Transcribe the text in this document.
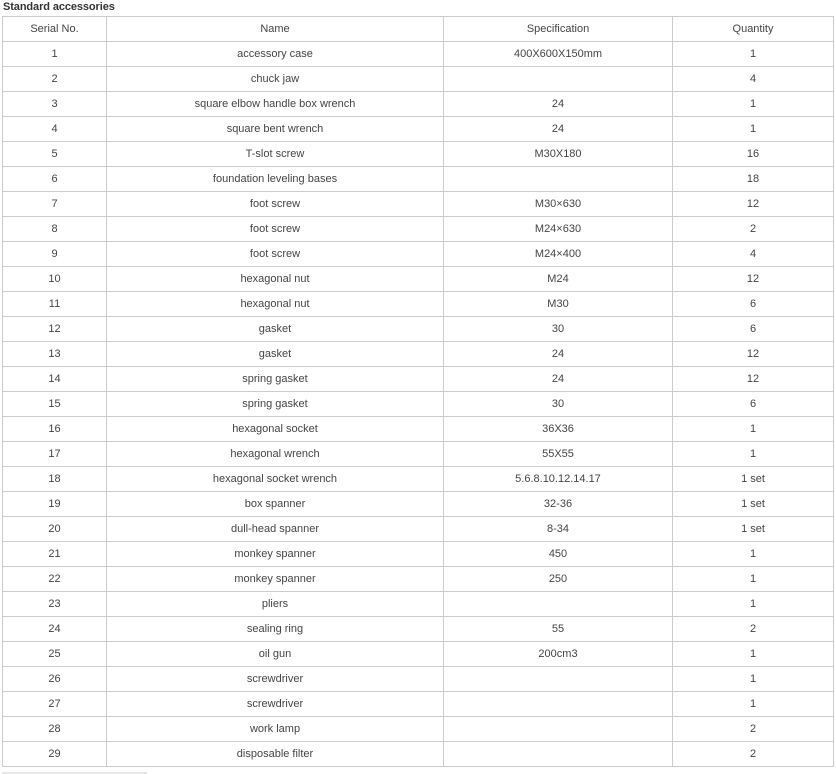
Standard accessories
Serial No.	Name	Specification	Quantity
1	accessory case	400X600X150mm	1
2	chuck jaw		4
3	square elbow handle box wrench	24	1
4	square bent wrench	24	1
5	T-slot screw	M30X180	16
6	foundation leveling bases		18
7	foot screw	M30×630	12
8	foot screw	M24×630	2
9	foot screw	M24×400	4
10	hexagonal nut	M24	12
11	hexagonal nut	M30	6
12	gasket	30	6
13	gasket	24	12
14	spring gasket	24	12
15	spring gasket	30	6
16	hexagonal socket	36X36	1
17	hexagonal wrench	55X55	1
18	hexagonal socket wrench	5.6.8.10.12.14.17	1 set
19	box spanner	32-36	1 set
20	dull-head spanner	8-34	1 set
21	monkey spanner	450	1
22	monkey spanner	250	1
23	pliers		1
24	sealing ring	55	2
25	oil gun	200cm3	1
26	screwdriver		1
27	screwdriver		1
28	work lamp		2
29	disposable filter		2
